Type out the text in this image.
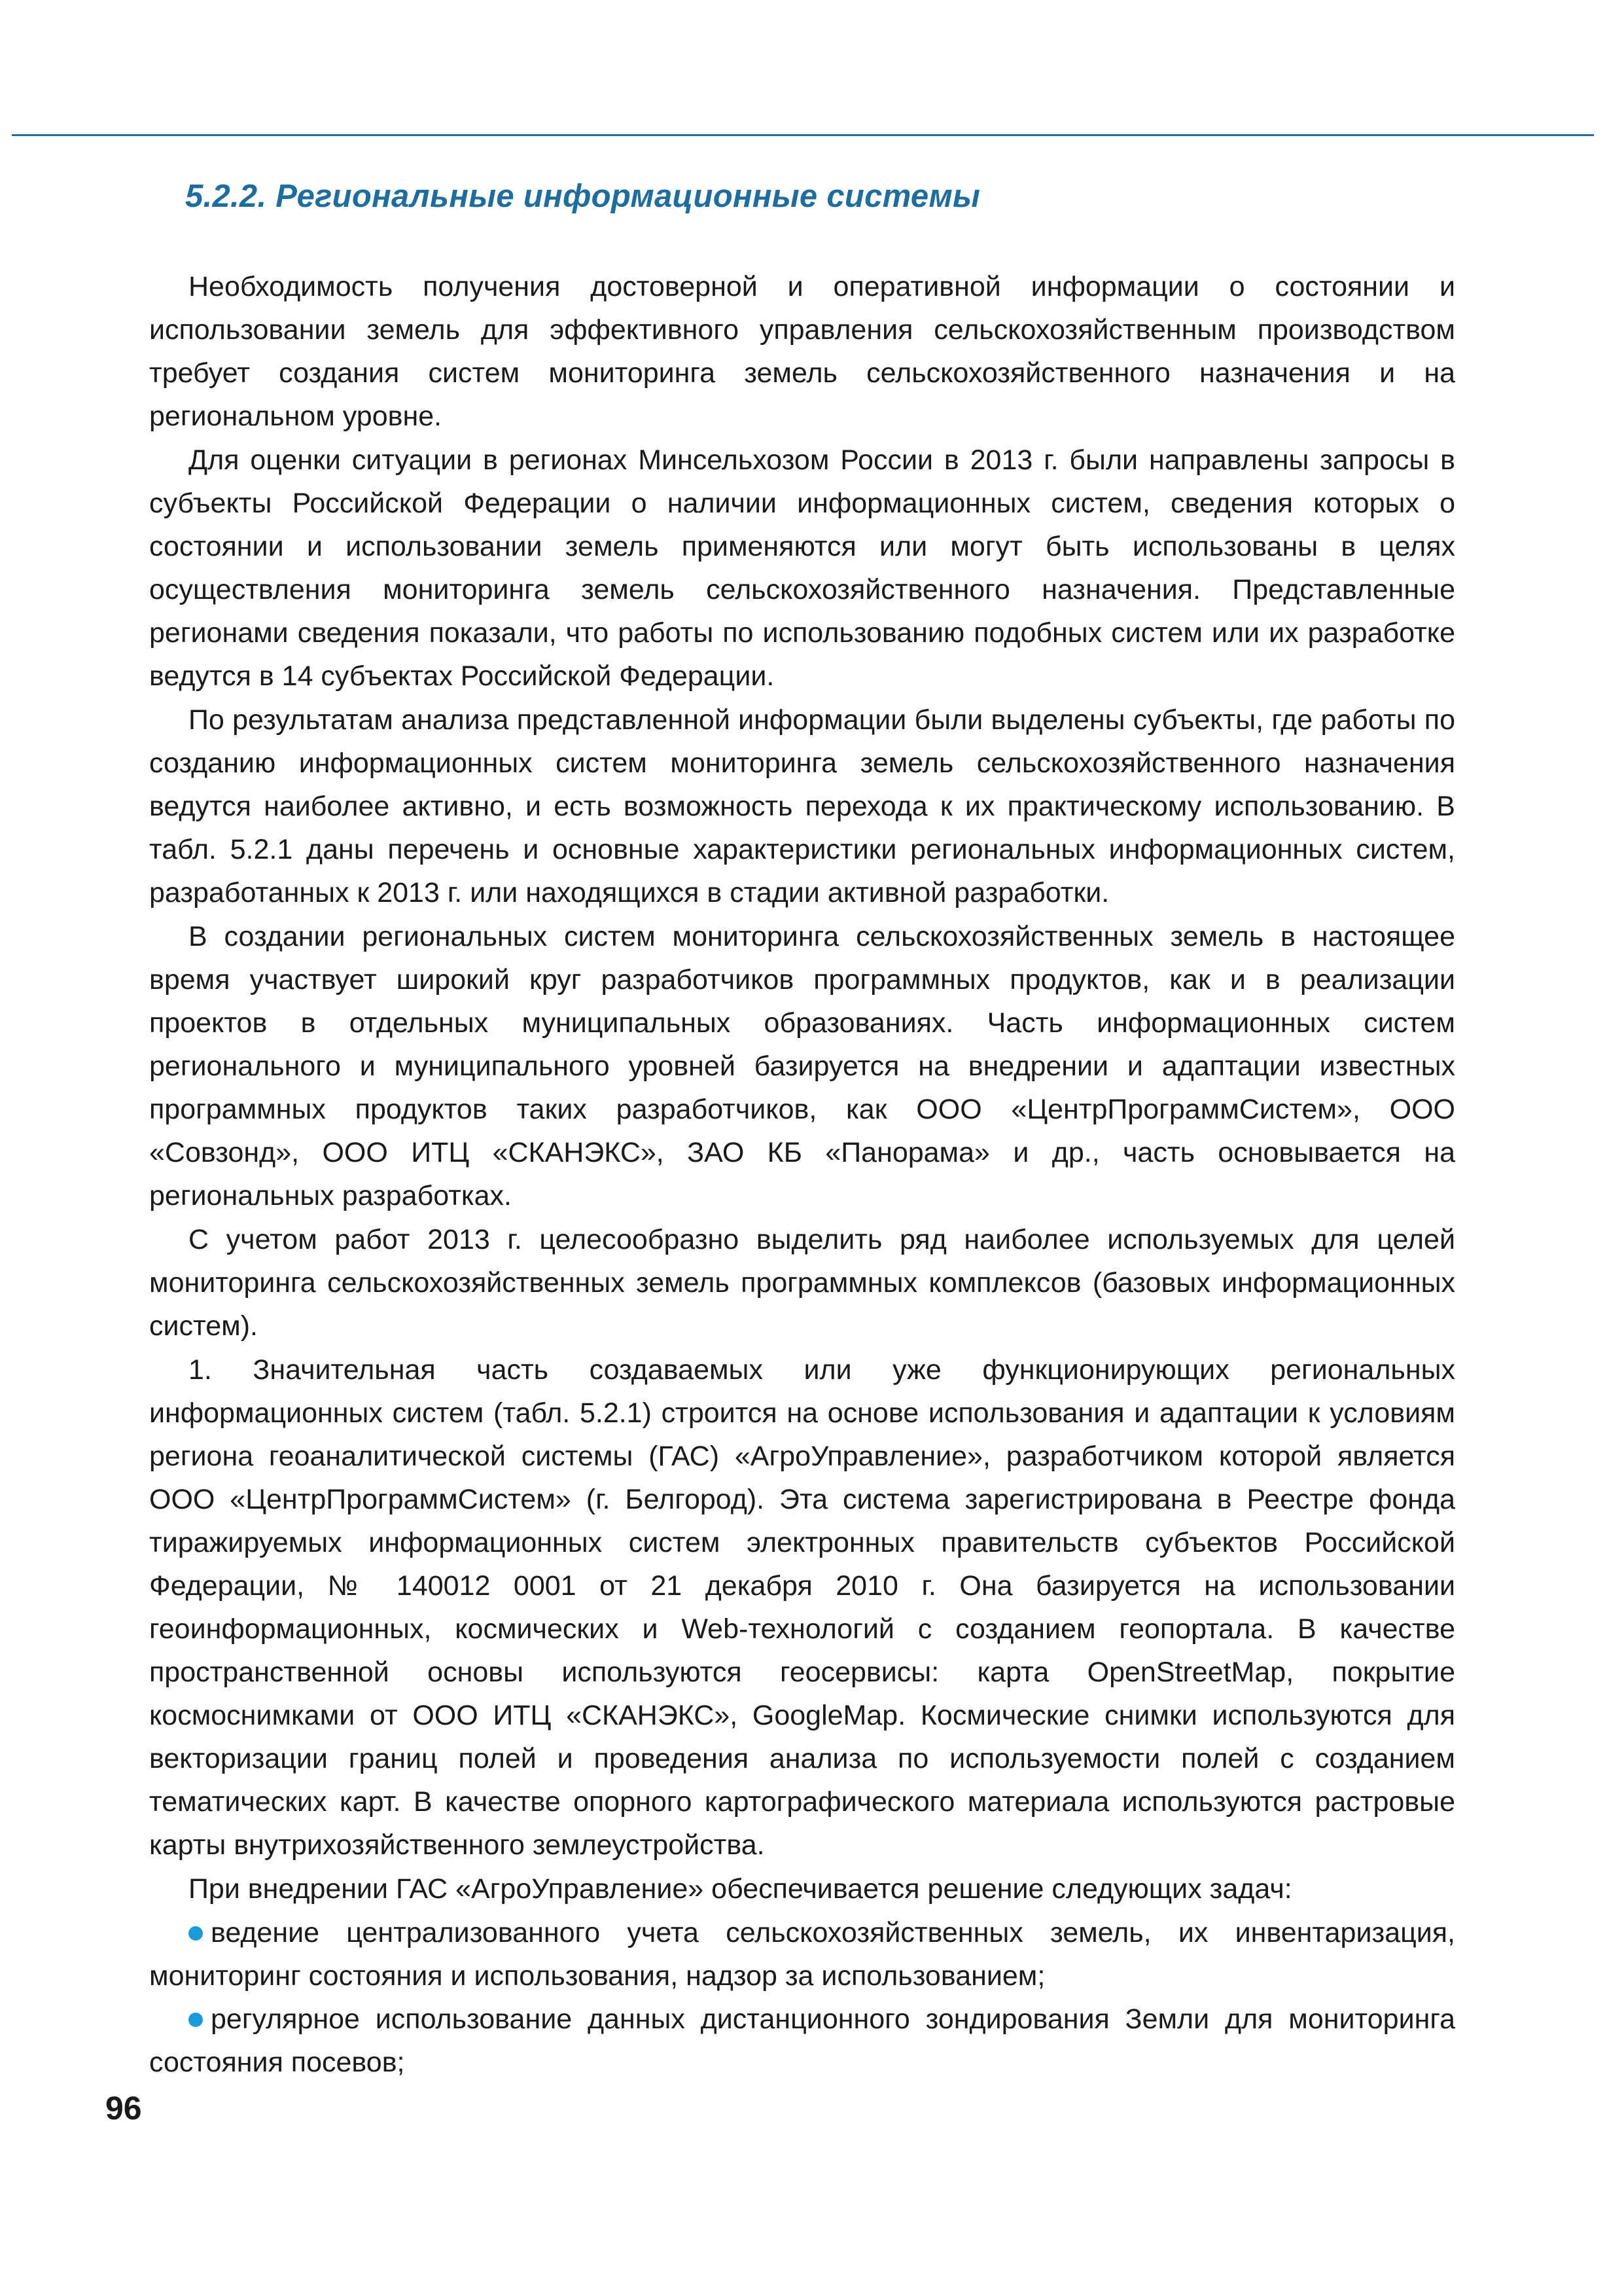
5.2.2. Региональные информационные системы

Необходимость получения достоверной и оперативной информации о состоянии и использовании земель для эффективного управления сельскохозяйственным производством требует создания систем мониторинга земель сельскохозяйственного назначения и на региональном уровне.

Для оценки ситуации в регионах Минсельхозом России в 2013 г. были направлены запросы в субъекты Российской Федерации о наличии информационных систем, сведения которых о состоянии и использовании земель применяются или могут быть использованы в целях осуществления мониторинга земель сельскохозяйственного назначения. Представленные регионами сведения показали, что работы по использованию подобных систем или их разработке ведутся в 14 субъектах Российской Федерации.

По результатам анализа представленной информации были выделены субъекты, где работы по созданию информационных систем мониторинга земель сельскохозяйственного назначения ведутся наиболее активно, и есть возможность перехода к их практическому использованию. В табл. 5.2.1 даны перечень и основные характеристики региональных информационных систем, разработанных к 2013 г. или находящихся в стадии активной разработки.

В создании региональных систем мониторинга сельскохозяйственных земель в настоящее время участвует широкий круг разработчиков программных продуктов, как и в реализации проектов в отдельных муниципальных образованиях. Часть информационных систем регионального и муниципального уровней базируется на внедрении и адаптации известных программных продуктов таких разработчиков, как ООО «ЦентрПрограммСистем», ООО «Совзонд», ООО ИТЦ «СКАНЭКС», ЗАО КБ «Панорама» и др., часть основывается на региональных разработках.

С учетом работ 2013 г. целесообразно выделить ряд наиболее используемых для целей мониторинга сельскохозяйственных земель программных комплексов (базовых информационных систем).

1. Значительная часть создаваемых или уже функционирующих региональных информационных систем (табл. 5.2.1) строится на основе использования и адаптации к условиям региона геоаналитической системы (ГАС) «АгроУправление», разработчиком которой является ООО «ЦентрПрограммСистем» (г. Белгород). Эта система зарегистрирована в Реестре фонда тиражируемых информационных систем электронных правительств субъектов Российской Федерации, № 140012 0001 от 21 декабря 2010 г. Она базируется на использовании геоинформационных, космических и Web-технологий с созданием геопортала. В качестве пространственной основы используются геосервисы: карта OpenStreetMap, покрытие космоснимками от ООО ИТЦ «СКАНЭКС», GoogleMap. Космические снимки используются для векторизации границ полей и проведения анализа по используемости полей с созданием тематических карт. В качестве опорного картографического материала используются растровые карты внутрихозяйственного землеустройства.

При внедрении ГАС «АгроУправление» обеспечивается решение следующих задач:

ведение централизованного учета сельскохозяйственных земель, их инвентаризация, мониторинг состояния и использования, надзор за использованием;

регулярное использование данных дистанционного зондирования Земли для мониторинга состояния посевов;

96
